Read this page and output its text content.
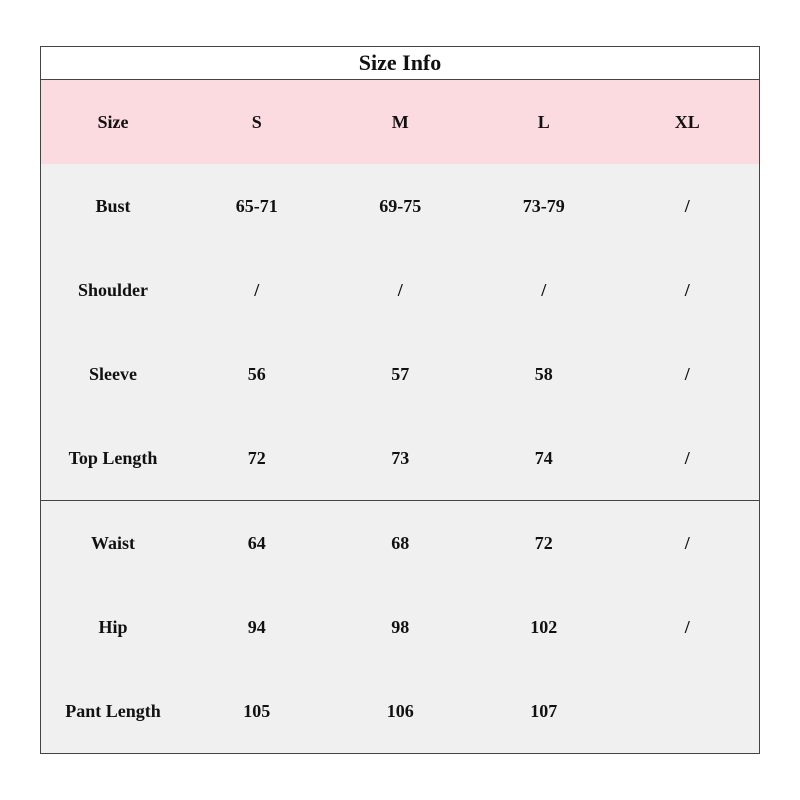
Size Info
Size	S	M	L	XL
Bust	65-71	69-75	73-79	/
Shoulder	/	/	/	/
Sleeve	56	57	58	/
Top Length	72	73	74	/
Waist	64	68	72	/
Hip	94	98	102	/
Pant Length	105	106	107
